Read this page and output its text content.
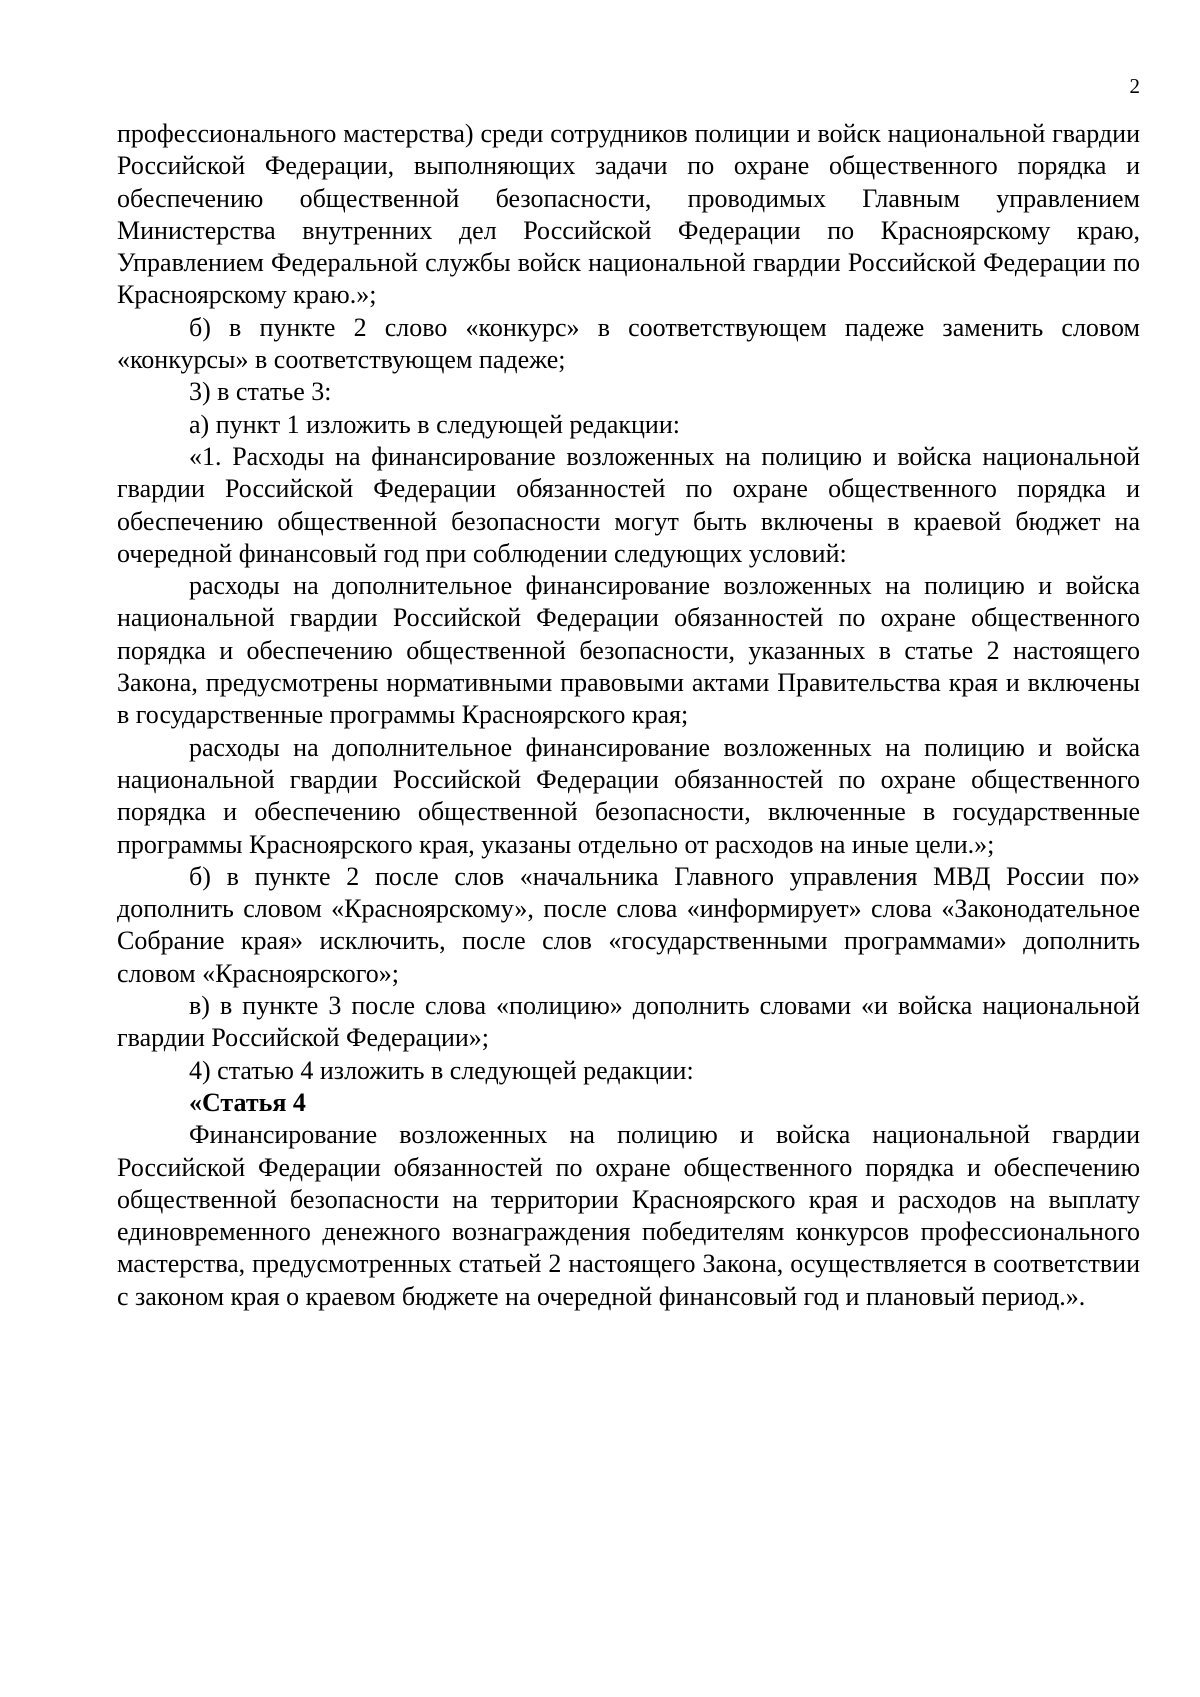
2

профессионального мастерства) среди сотрудников полиции и войск национальной гвардии Российской Федерации, выполняющих задачи по охране общественного порядка и обеспечению общественной безопасности, проводимых Главным управлением Министерства внутренних дел Российской Федерации по Красноярскому краю, Управлением Федеральной службы войск национальной гвардии Российской Федерации по Красноярскому краю.»;

б) в пункте 2 слово «конкурс» в соответствующем падеже заменить словом «конкурсы» в соответствующем падеже;

3) в статье 3:

а) пункт 1 изложить в следующей редакции:

«1. Расходы на финансирование возложенных на полицию и войска национальной гвардии Российской Федерации обязанностей по охране общественного порядка и обеспечению общественной безопасности могут быть включены в краевой бюджет на очередной финансовый год при соблюдении следующих условий:

расходы на дополнительное финансирование возложенных на полицию и войска национальной гвардии Российской Федерации обязанностей по охране общественного порядка и обеспечению общественной безопасности, указанных в статье 2 настоящего Закона, предусмотрены нормативными правовыми актами Правительства края и включены в государственные программы Красноярского края;

расходы на дополнительное финансирование возложенных на полицию и войска национальной гвардии Российской Федерации обязанностей по охране общественного порядка и обеспечению общественной безопасности, включенные в государственные программы Красноярского края, указаны отдельно от расходов на иные цели.»;

б) в пункте 2 после слов «начальника Главного управления МВД России по» дополнить словом «Красноярскому», после слова «информирует» слова «Законодательное Собрание края» исключить, после слов «государственными программами» дополнить словом «Красноярского»;

в) в пункте 3 после слова «полицию» дополнить словами «и войска национальной гвардии Российской Федерации»;

4) статью 4 изложить в следующей редакции:

«Статья 4

Финансирование возложенных на полицию и войска национальной гвардии Российской Федерации обязанностей по охране общественного порядка и обеспечению общественной безопасности на территории Красноярского края и расходов на выплату единовременного денежного вознаграждения победителям конкурсов профессионального мастерства, предусмотренных статьей 2 настоящего Закона, осуществляется в соответствии с законом края о краевом бюджете на очередной финансовый год и плановый период.».
